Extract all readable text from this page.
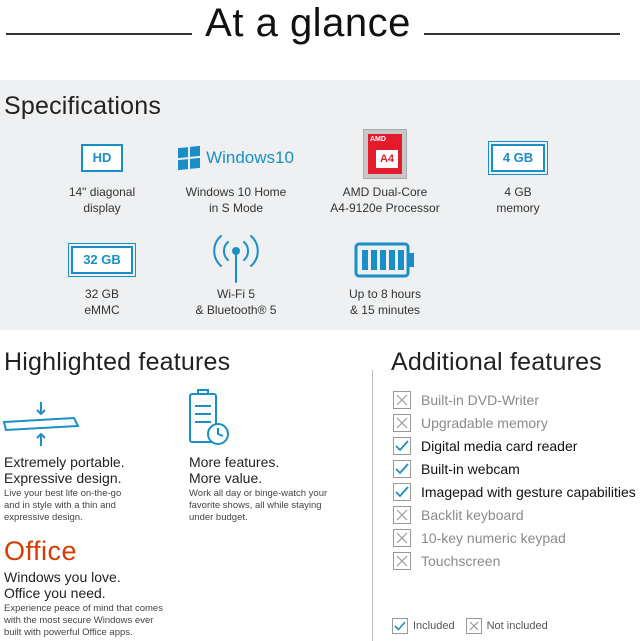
At a glance
Specifications
HD
14" diagonal
display
Windows10
Windows 10 Home
in S Mode
AMD
A4
AMD Dual-Core
A4-9120e Processor
4 GB
4 GB
memory
32 GB
32 GB
eMMC
Wi-Fi 5
& Bluetooth® 5
Up to 8 hours
& 15 minutes
Highlighted features
Extremely portable.
Expressive design.
Live your best life on-the-go
and in style with a thin and
expressive design.
More features.
More value.
Work all day or binge-watch your
favorite shows, all while staying
under budget.
Office
Windows you love.
Office you need.
Experience peace of mind that comes
with the most secure Windows ever
built with powerful Office apps.
Additional features
Built-in DVD-Writer
Upgradable memory
Digital media card reader
Built-in webcam
Imagepad with gesture capabilities
Backlit keyboard
10-key numeric keypad
Touchscreen
Included	Not included
